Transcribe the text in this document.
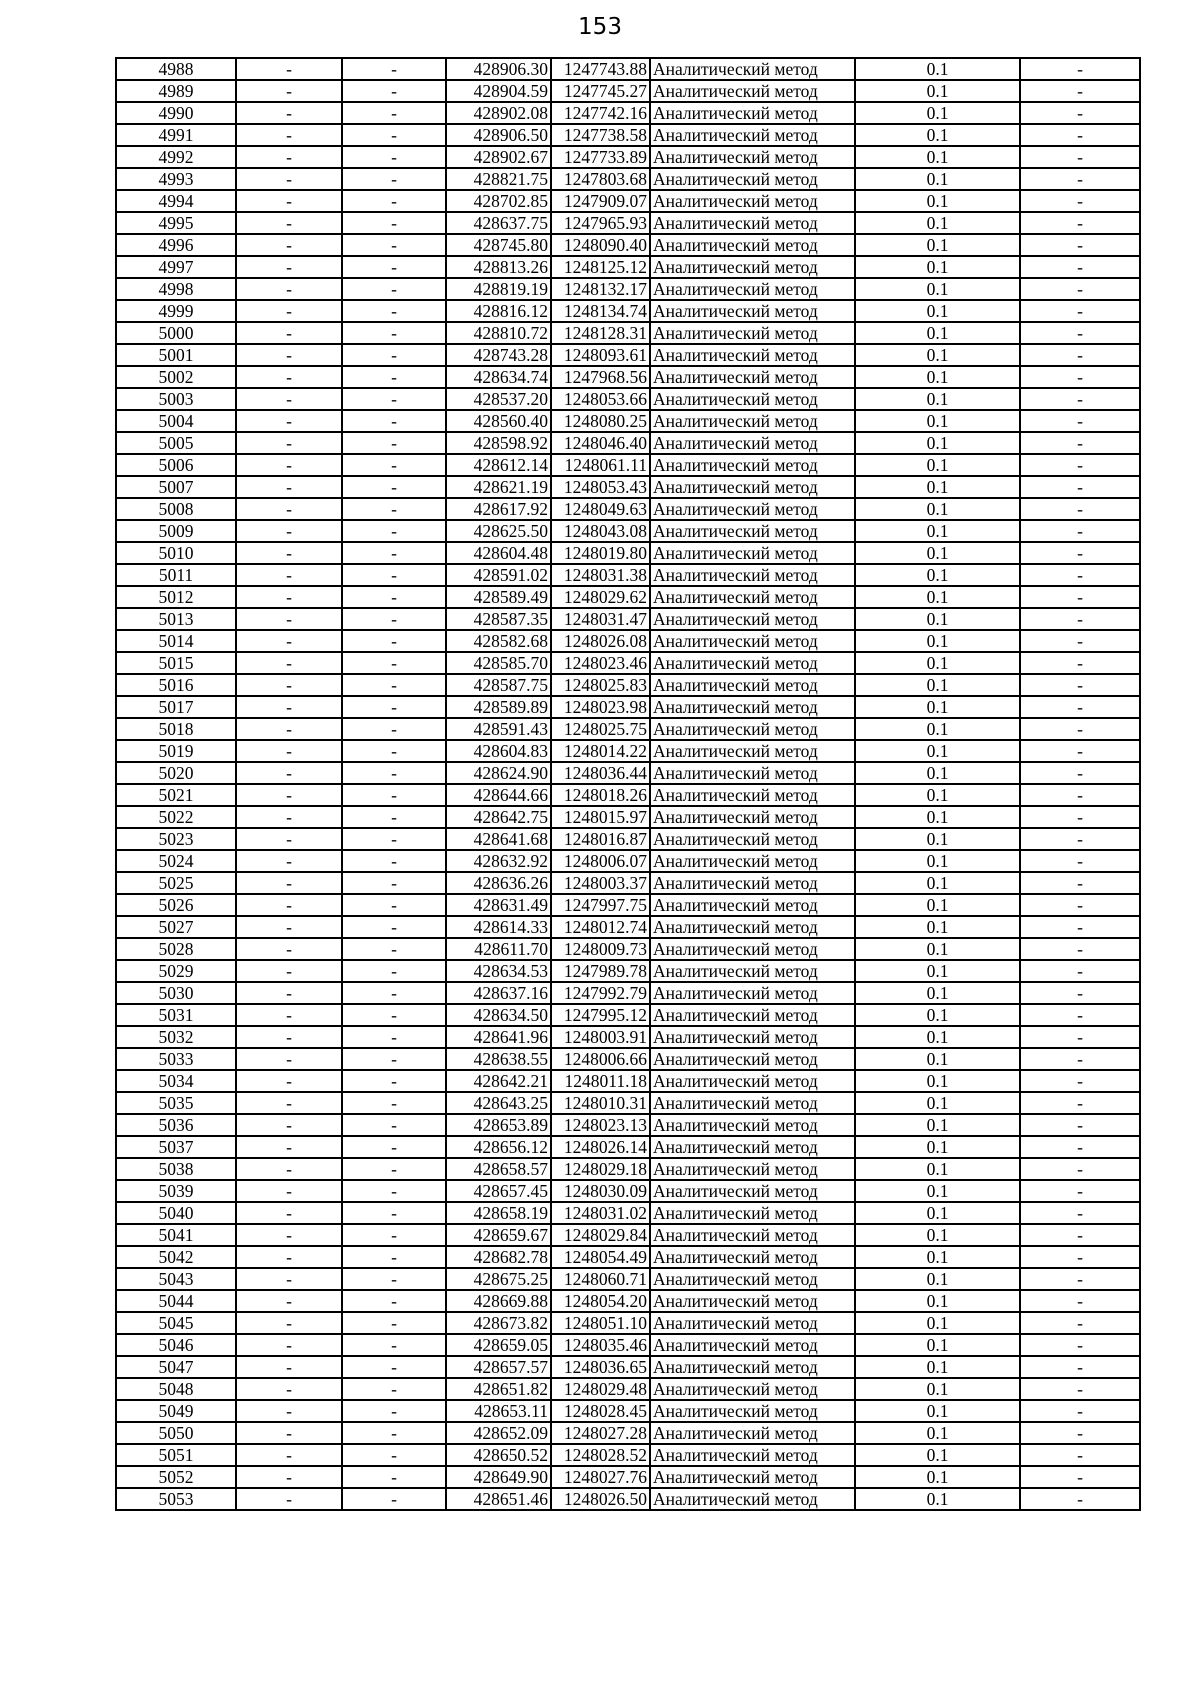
153
4988	-	-	428906.30	1247743.88	Аналитический метод	0.1	-
4989	-	-	428904.59	1247745.27	Аналитический метод	0.1	-
4990	-	-	428902.08	1247742.16	Аналитический метод	0.1	-
4991	-	-	428906.50	1247738.58	Аналитический метод	0.1	-
4992	-	-	428902.67	1247733.89	Аналитический метод	0.1	-
4993	-	-	428821.75	1247803.68	Аналитический метод	0.1	-
4994	-	-	428702.85	1247909.07	Аналитический метод	0.1	-
4995	-	-	428637.75	1247965.93	Аналитический метод	0.1	-
4996	-	-	428745.80	1248090.40	Аналитический метод	0.1	-
4997	-	-	428813.26	1248125.12	Аналитический метод	0.1	-
4998	-	-	428819.19	1248132.17	Аналитический метод	0.1	-
4999	-	-	428816.12	1248134.74	Аналитический метод	0.1	-
5000	-	-	428810.72	1248128.31	Аналитический метод	0.1	-
5001	-	-	428743.28	1248093.61	Аналитический метод	0.1	-
5002	-	-	428634.74	1247968.56	Аналитический метод	0.1	-
5003	-	-	428537.20	1248053.66	Аналитический метод	0.1	-
5004	-	-	428560.40	1248080.25	Аналитический метод	0.1	-
5005	-	-	428598.92	1248046.40	Аналитический метод	0.1	-
5006	-	-	428612.14	1248061.11	Аналитический метод	0.1	-
5007	-	-	428621.19	1248053.43	Аналитический метод	0.1	-
5008	-	-	428617.92	1248049.63	Аналитический метод	0.1	-
5009	-	-	428625.50	1248043.08	Аналитический метод	0.1	-
5010	-	-	428604.48	1248019.80	Аналитический метод	0.1	-
5011	-	-	428591.02	1248031.38	Аналитический метод	0.1	-
5012	-	-	428589.49	1248029.62	Аналитический метод	0.1	-
5013	-	-	428587.35	1248031.47	Аналитический метод	0.1	-
5014	-	-	428582.68	1248026.08	Аналитический метод	0.1	-
5015	-	-	428585.70	1248023.46	Аналитический метод	0.1	-
5016	-	-	428587.75	1248025.83	Аналитический метод	0.1	-
5017	-	-	428589.89	1248023.98	Аналитический метод	0.1	-
5018	-	-	428591.43	1248025.75	Аналитический метод	0.1	-
5019	-	-	428604.83	1248014.22	Аналитический метод	0.1	-
5020	-	-	428624.90	1248036.44	Аналитический метод	0.1	-
5021	-	-	428644.66	1248018.26	Аналитический метод	0.1	-
5022	-	-	428642.75	1248015.97	Аналитический метод	0.1	-
5023	-	-	428641.68	1248016.87	Аналитический метод	0.1	-
5024	-	-	428632.92	1248006.07	Аналитический метод	0.1	-
5025	-	-	428636.26	1248003.37	Аналитический метод	0.1	-
5026	-	-	428631.49	1247997.75	Аналитический метод	0.1	-
5027	-	-	428614.33	1248012.74	Аналитический метод	0.1	-
5028	-	-	428611.70	1248009.73	Аналитический метод	0.1	-
5029	-	-	428634.53	1247989.78	Аналитический метод	0.1	-
5030	-	-	428637.16	1247992.79	Аналитический метод	0.1	-
5031	-	-	428634.50	1247995.12	Аналитический метод	0.1	-
5032	-	-	428641.96	1248003.91	Аналитический метод	0.1	-
5033	-	-	428638.55	1248006.66	Аналитический метод	0.1	-
5034	-	-	428642.21	1248011.18	Аналитический метод	0.1	-
5035	-	-	428643.25	1248010.31	Аналитический метод	0.1	-
5036	-	-	428653.89	1248023.13	Аналитический метод	0.1	-
5037	-	-	428656.12	1248026.14	Аналитический метод	0.1	-
5038	-	-	428658.57	1248029.18	Аналитический метод	0.1	-
5039	-	-	428657.45	1248030.09	Аналитический метод	0.1	-
5040	-	-	428658.19	1248031.02	Аналитический метод	0.1	-
5041	-	-	428659.67	1248029.84	Аналитический метод	0.1	-
5042	-	-	428682.78	1248054.49	Аналитический метод	0.1	-
5043	-	-	428675.25	1248060.71	Аналитический метод	0.1	-
5044	-	-	428669.88	1248054.20	Аналитический метод	0.1	-
5045	-	-	428673.82	1248051.10	Аналитический метод	0.1	-
5046	-	-	428659.05	1248035.46	Аналитический метод	0.1	-
5047	-	-	428657.57	1248036.65	Аналитический метод	0.1	-
5048	-	-	428651.82	1248029.48	Аналитический метод	0.1	-
5049	-	-	428653.11	1248028.45	Аналитический метод	0.1	-
5050	-	-	428652.09	1248027.28	Аналитический метод	0.1	-
5051	-	-	428650.52	1248028.52	Аналитический метод	0.1	-
5052	-	-	428649.90	1248027.76	Аналитический метод	0.1	-
5053	-	-	428651.46	1248026.50	Аналитический метод	0.1	-
